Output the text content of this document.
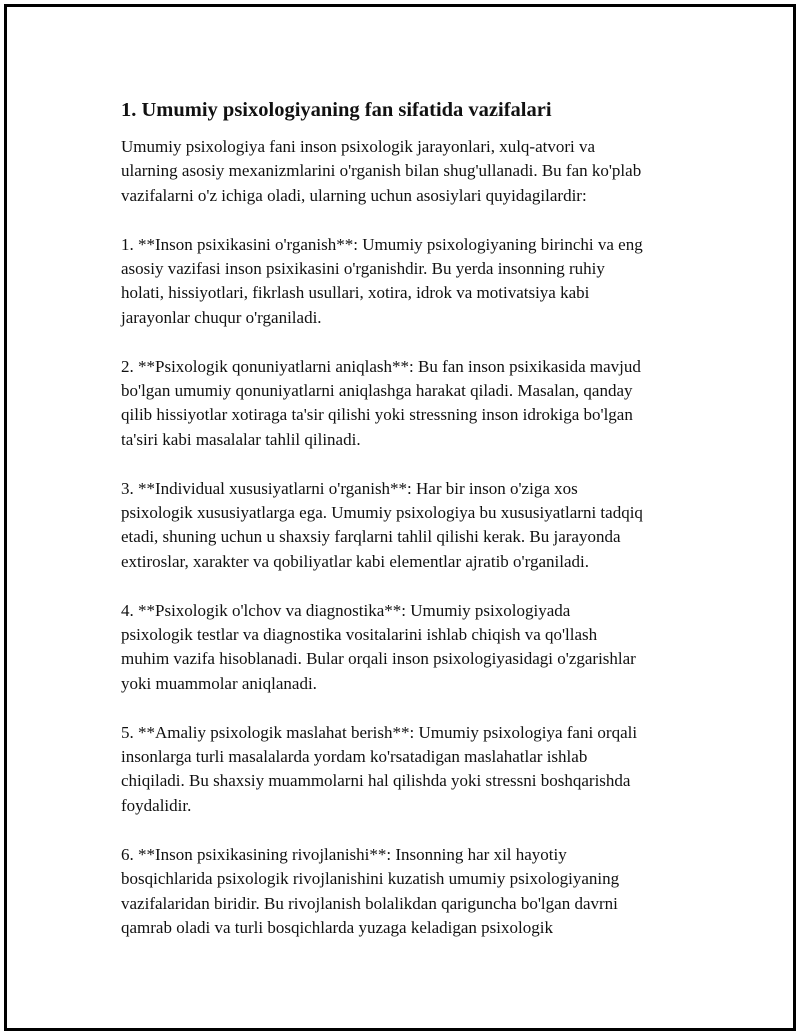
1. Umumiy psixologiyaning fan sifatida vazifalari

Umumiy psixologiya fani inson psixologik jarayonlari, xulq-atvori va
ularning asosiy mexanizmlarini o'rganish bilan shug'ullanadi. Bu fan ko'plab
vazifalarni o'z ichiga oladi, ularning uchun asosiylari quyidagilardir:

1. **Inson psixikasini o'rganish**: Umumiy psixologiyaning birinchi va eng
asosiy vazifasi inson psixikasini o'rganishdir. Bu yerda insonning ruhiy
holati, hissiyotlari, fikrlash usullari, xotira, idrok va motivatsiya kabi
jarayonlar chuqur o'rganiladi.

2. **Psixologik qonuniyatlarni aniqlash**: Bu fan inson psixikasida mavjud
bo'lgan umumiy qonuniyatlarni aniqlashga harakat qiladi. Masalan, qanday
qilib hissiyotlar xotiraga ta'sir qilishi yoki stressning inson idrokiga bo'lgan
ta'siri kabi masalalar tahlil qilinadi.

3. **Individual xususiyatlarni o'rganish**: Har bir inson o'ziga xos
psixologik xususiyatlarga ega. Umumiy psixologiya bu xususiyatlarni tadqiq
etadi, shuning uchun u shaxsiy farqlarni tahlil qilishi kerak. Bu jarayonda
extiroslar, xarakter va qobiliyatlar kabi elementlar ajratib o'rganiladi.

4. **Psixologik o'lchov va diagnostika**: Umumiy psixologiyada
psixologik testlar va diagnostika vositalarini ishlab chiqish va qo'llash
muhim vazifa hisoblanadi. Bular orqali inson psixologiyasidagi o'zgarishlar
yoki muammolar aniqlanadi.

5. **Amaliy psixologik maslahat berish**: Umumiy psixologiya fani orqali
insonlarga turli masalalarda yordam ko'rsatadigan maslahatlar ishlab
chiqiladi. Bu shaxsiy muammolarni hal qilishda yoki stressni boshqarishda
foydalidir.

6. **Inson psixikasining rivojlanishi**: Insonning har xil hayotiy
bosqichlarida psixologik rivojlanishini kuzatish umumiy psixologiyaning
vazifalaridan biridir. Bu rivojlanish bolalikdan qariguncha bo'lgan davrni
qamrab oladi va turli bosqichlarda yuzaga keladigan psixologik
